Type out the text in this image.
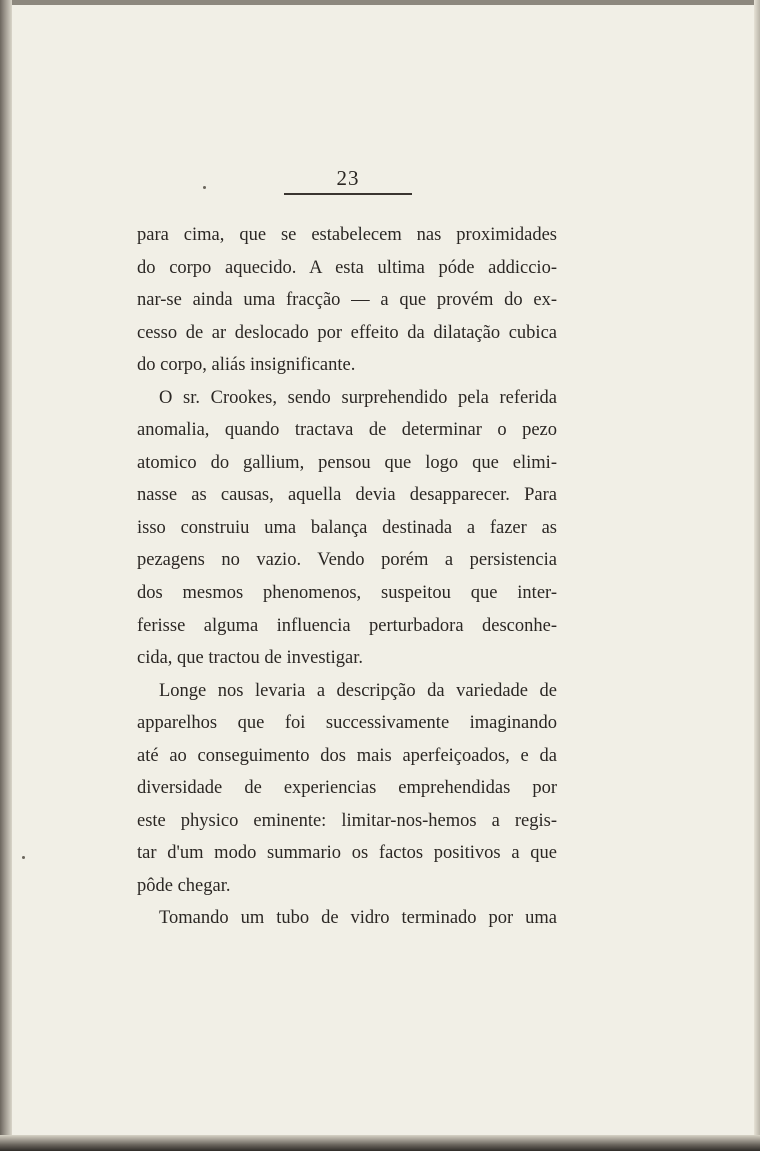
23
para cima, que se estabelecem nas proximidades
do corpo aquecido. A esta ultima póde addiccio-
nar-se ainda uma fracção — a que provém do ex-
cesso de ar deslocado por effeito da dilatação cubica
do corpo, aliás insignificante.
O sr. Crookes, sendo surprehendido pela referida
anomalia, quando tractava de determinar o pezo
atomico do gallium, pensou que logo que elimi-
nasse as causas, aquella devia desapparecer. Para
isso construiu uma balança destinada a fazer as
pezagens no vazio. Vendo porém a persistencia
dos mesmos phenomenos, suspeitou que inter-
ferisse alguma influencia perturbadora desconhe-
cida, que tractou de investigar.
Longe nos levaria a descripção da variedade de
apparelhos que foi successivamente imaginando
até ao conseguimento dos mais aperfeiçoados, e da
diversidade de experiencias emprehendidas por
este physico eminente: limitar-nos-hemos a regis-
tar d'um modo summario os factos positivos a que
pôde chegar.
Tomando um tubo de vidro terminado por uma
